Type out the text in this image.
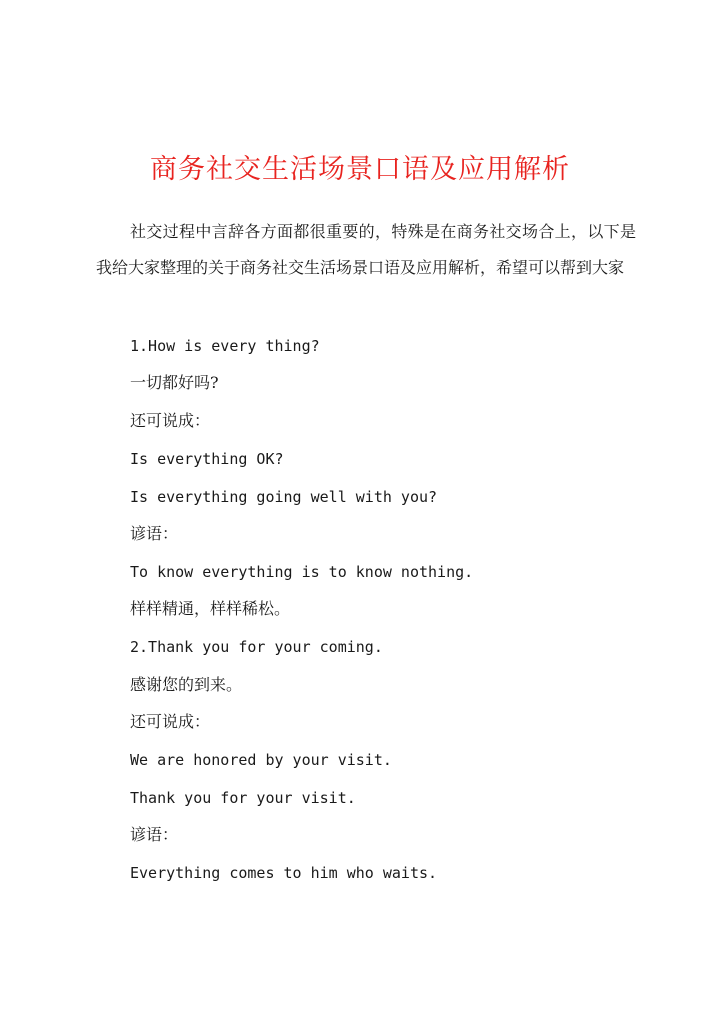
商务社交生活场景口语及应用解析
社交过程中言辞各方面都很重要的，特殊是在商务社交场合上，以下是我给大家整理的关于商务社交生活场景口语及应用解析，希望可以帮到大家
1.How is every thing?
一切都好吗?
还可说成：
Is everything OK?
Is everything going well with you?
谚语：
To know everything is to know nothing.
样样精通，样样稀松。
2.Thank you for your coming.
感谢您的到来。
还可说成：
We are honored by your visit.
Thank you for your visit.
谚语：
Everything comes to him who waits.
